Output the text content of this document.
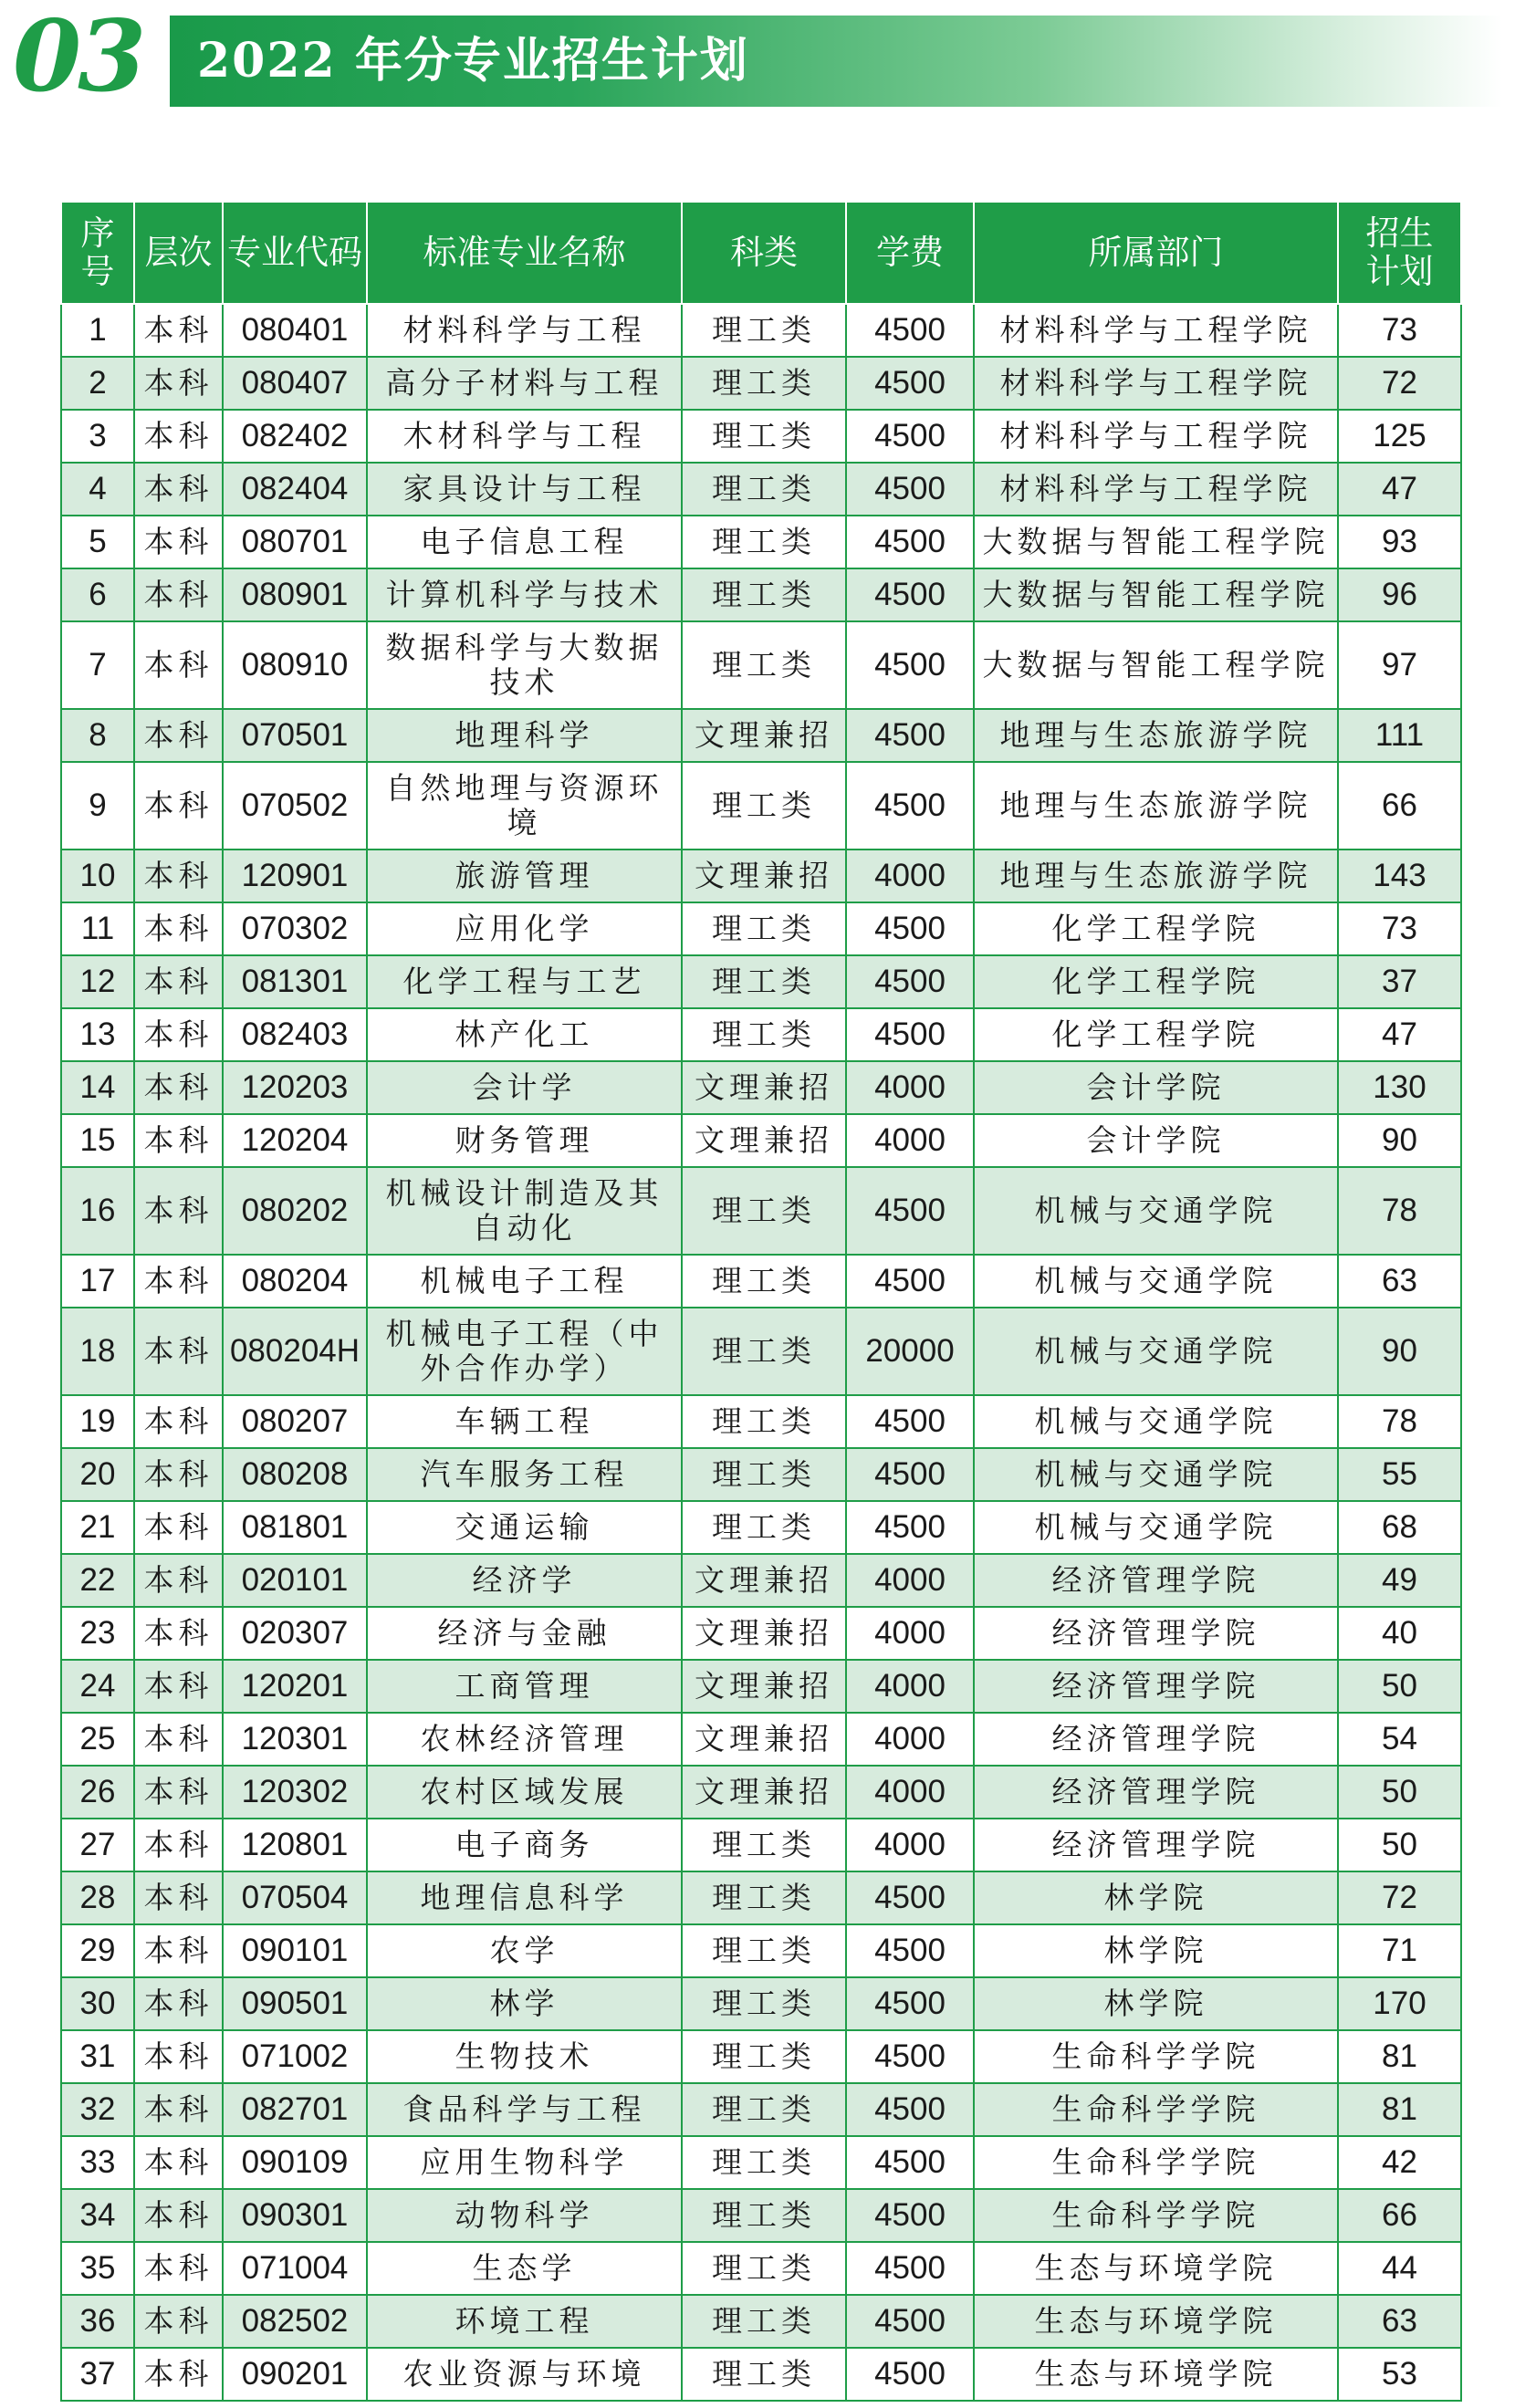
03 2022 年分专业招生计划
序号	层次	专业代码	标准专业名称	科类	学费	所属部门	招生计划
1	本科	080401	材料科学与工程	理工类	4500	材料科学与工程学院	73
2	本科	080407	高分子材料与工程	理工类	4500	材料科学与工程学院	72
3	本科	082402	木材科学与工程	理工类	4500	材料科学与工程学院	125
4	本科	082404	家具设计与工程	理工类	4500	材料科学与工程学院	47
5	本科	080701	电子信息工程	理工类	4500	大数据与智能工程学院	93
6	本科	080901	计算机科学与技术	理工类	4500	大数据与智能工程学院	96
7	本科	080910	数据科学与大数据技术	理工类	4500	大数据与智能工程学院	97
8	本科	070501	地理科学	文理兼招	4500	地理与生态旅游学院	111
9	本科	070502	自然地理与资源环境	理工类	4500	地理与生态旅游学院	66
10	本科	120901	旅游管理	文理兼招	4000	地理与生态旅游学院	143
11	本科	070302	应用化学	理工类	4500	化学工程学院	73
12	本科	081301	化学工程与工艺	理工类	4500	化学工程学院	37
13	本科	082403	林产化工	理工类	4500	化学工程学院	47
14	本科	120203	会计学	文理兼招	4000	会计学院	130
15	本科	120204	财务管理	文理兼招	4000	会计学院	90
16	本科	080202	机械设计制造及其自动化	理工类	4500	机械与交通学院	78
17	本科	080204	机械电子工程	理工类	4500	机械与交通学院	63
18	本科	080204H	机械电子工程（中外合作办学）	理工类	20000	机械与交通学院	90
19	本科	080207	车辆工程	理工类	4500	机械与交通学院	78
20	本科	080208	汽车服务工程	理工类	4500	机械与交通学院	55
21	本科	081801	交通运输	理工类	4500	机械与交通学院	68
22	本科	020101	经济学	文理兼招	4000	经济管理学院	49
23	本科	020307	经济与金融	文理兼招	4000	经济管理学院	40
24	本科	120201	工商管理	文理兼招	4000	经济管理学院	50
25	本科	120301	农林经济管理	文理兼招	4000	经济管理学院	54
26	本科	120302	农村区域发展	文理兼招	4000	经济管理学院	50
27	本科	120801	电子商务	理工类	4000	经济管理学院	50
28	本科	070504	地理信息科学	理工类	4500	林学院	72
29	本科	090101	农学	理工类	4500	林学院	71
30	本科	090501	林学	理工类	4500	林学院	170
31	本科	071002	生物技术	理工类	4500	生命科学学院	81
32	本科	082701	食品科学与工程	理工类	4500	生命科学学院	81
33	本科	090109	应用生物科学	理工类	4500	生命科学学院	42
34	本科	090301	动物科学	理工类	4500	生命科学学院	66
35	本科	071004	生态学	理工类	4500	生态与环境学院	44
36	本科	082502	环境工程	理工类	4500	生态与环境学院	63
37	本科	090201	农业资源与环境	理工类	4500	生态与环境学院	53
